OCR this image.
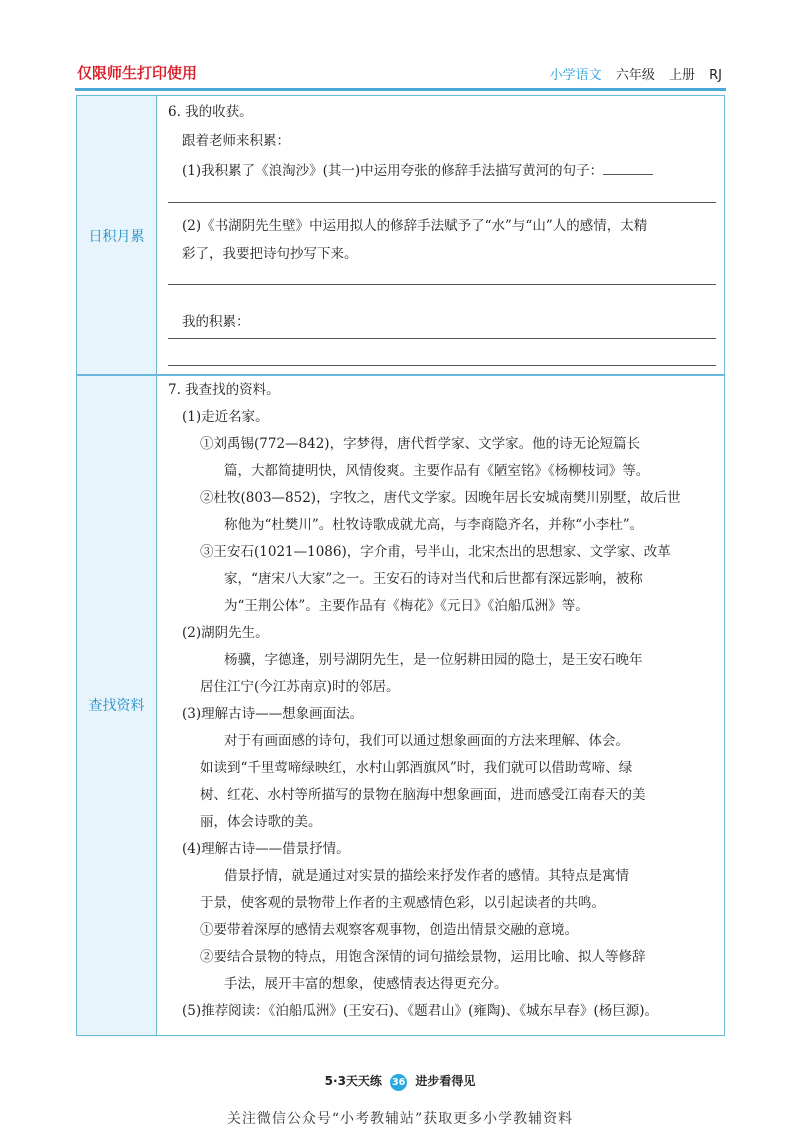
仅限师生打印使用	小学语文 六年级 上册 RJ
日积月累
查找资料
6. 我的收获。
跟着老师来积累：
(1)我积累了《浪淘沙》(其一)中运用夸张的修辞手法描写黄河的句子：
(2)《书湖阴先生壁》中运用拟人的修辞手法赋予了“水”与“山”人的感情，太精
彩了，我要把诗句抄写下来。
我的积累：
7. 我查找的资料。
(1)走近名家。
①刘禹锡(772—842)，字梦得，唐代哲学家、文学家。他的诗无论短篇长
篇，大都简捷明快，风情俊爽。主要作品有《陋室铭》《杨柳枝词》等。
②杜牧(803—852)，字牧之，唐代文学家。因晚年居长安城南樊川别墅，故后世
称他为“杜樊川”。杜牧诗歌成就尤高，与李商隐齐名，并称“小李杜”。
③王安石(1021—1086)，字介甫，号半山，北宋杰出的思想家、文学家、改革
家，“唐宋八大家”之一。王安石的诗对当代和后世都有深远影响，被称
为“王荆公体”。主要作品有《梅花》《元日》《泊船瓜洲》等。
(2)湖阴先生。
杨骥，字德逢，别号湖阴先生，是一位躬耕田园的隐士，是王安石晚年
居住江宁(今江苏南京)时的邻居。
(3)理解古诗——想象画面法。
对于有画面感的诗句，我们可以通过想象画面的方法来理解、体会。
如读到“千里莺啼绿映红，水村山郭酒旗风”时，我们就可以借助莺啼、绿
树、红花、水村等所描写的景物在脑海中想象画面，进而感受江南春天的美
丽，体会诗歌的美。
(4)理解古诗——借景抒情。
借景抒情，就是通过对实景的描绘来抒发作者的感情。其特点是寓情
于景，使客观的景物带上作者的主观感情色彩，以引起读者的共鸣。
①要带着深厚的感情去观察客观事物，创造出情景交融的意境。
②要结合景物的特点，用饱含深情的词句描绘景物，运用比喻、拟人等修辞
手法，展开丰富的想象，使感情表达得更充分。
(5)推荐阅读：《泊船瓜洲》(王安石)、《题君山》(雍陶)、《城东早春》(杨巨源)。
5·3天天练 36 进步看得见
关注微信公众号“小考教辅站”获取更多小学教辅资料
